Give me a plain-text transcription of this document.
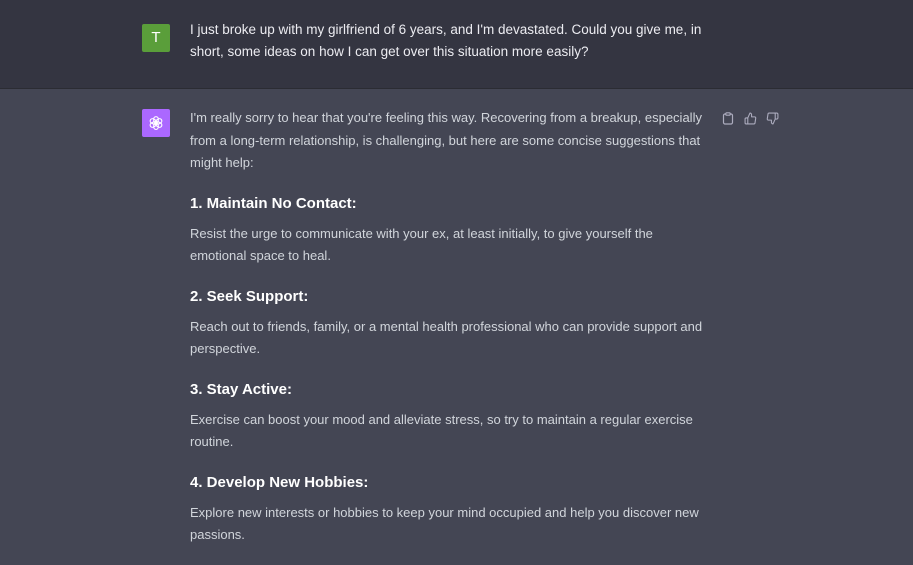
T	I just broke up with my girlfriend of 6 years, and I'm devastated. Could you give me, in short, some ideas on how I can get over this situation more easily?

I'm really sorry to hear that you're feeling this way. Recovering from a breakup, especially from a long-term relationship, is challenging, but here are some concise suggestions that might help:

1. Maintain No Contact:

Resist the urge to communicate with your ex, at least initially, to give yourself the emotional space to heal.

2. Seek Support:

Reach out to friends, family, or a mental health professional who can provide support and perspective.

3. Stay Active:

Exercise can boost your mood and alleviate stress, so try to maintain a regular exercise routine.

4. Develop New Hobbies:

Explore new interests or hobbies to keep your mind occupied and help you discover new passions.
